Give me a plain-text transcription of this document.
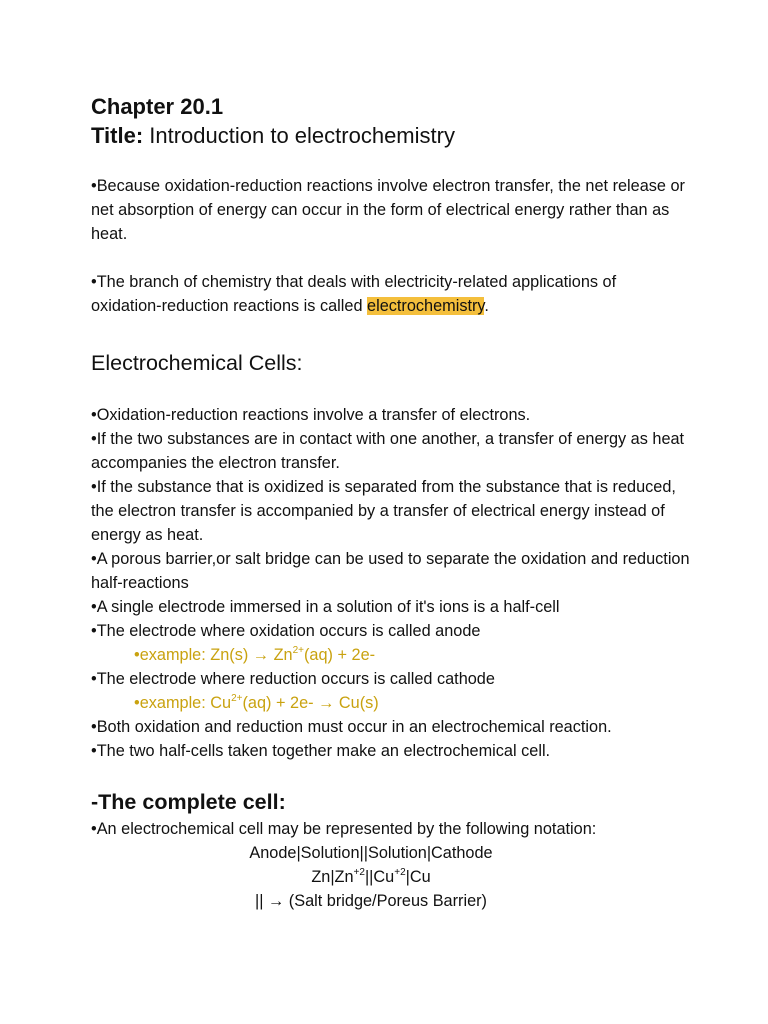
Chapter 20.1

Title: Introduction to electrochemistry

•Because oxidation-reduction reactions involve electron transfer, the net release or net absorption of energy can occur in the form of electrical energy rather than as heat.

•The branch of chemistry that deals with electricity-related applications of oxidation-reduction reactions is called electrochemistry.

Electrochemical Cells:

•Oxidation-reduction reactions involve a transfer of electrons.

•If the two substances are in contact with one another, a transfer of energy as heat accompanies the electron transfer.

•If the substance that is oxidized is separated from the substance that is reduced, the electron transfer is accompanied by a transfer of electrical energy instead of energy as heat.

•A porous barrier,or salt bridge can be used to separate the oxidation and reduction half-reactions

•A single electrode immersed in a solution of it's ions is a half-cell

•The electrode where oxidation occurs is called anode

•example: $Zn(s) \to Zn^{2+}(aq) + 2e-$

•The electrode where reduction occurs is called cathode

•example: $Cu^{2+}(aq) + 2e- \to Cu(s)$

•Both oxidation and reduction must occur in an electrochemical reaction.

•The two half-cells taken together make an electrochemical cell.

-The complete cell:

•An electrochemical cell may be represented by the following notation:

Anode|Solution||Solution|Cathode

$Zn|Zn^{+2}||Cu^{+2}|Cu$

|| → (Salt bridge/Poreus Barrier)
